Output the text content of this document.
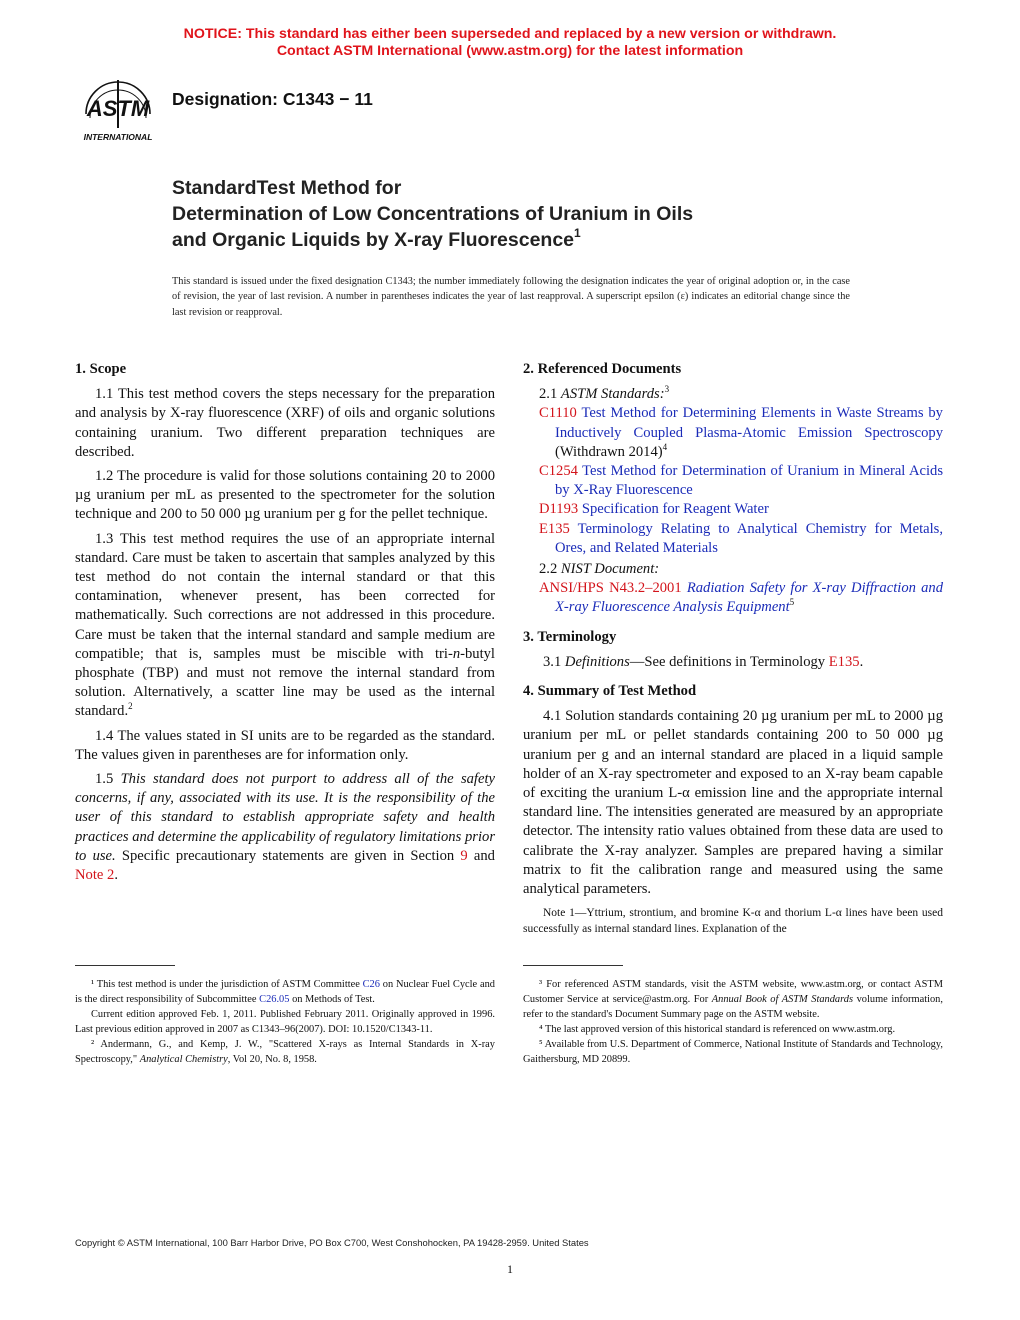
NOTICE: This standard has either been superseded and replaced by a new version or withdrawn.
Contact ASTM International (www.astm.org) for the latest information
ASTM
INTERNATIONAL
Designation: C1343 − 11
StandardTest Method for
Determination of Low Concentrations of Uranium in Oils
and Organic Liquids by X-ray Fluorescence$^1$
This standard is issued under the fixed designation C1343; the number immediately following the designation indicates the year of original adoption or, in the case of revision, the year of last revision. A number in parentheses indicates the year of last reapproval. A superscript epsilon (ε) indicates an editorial change since the last revision or reapproval.
1. Scope

1.1 This test method covers the steps necessary for the preparation and analysis by X-ray fluorescence (XRF) of oils and organic solutions containing uranium. Two different preparation techniques are described.

1.2 The procedure is valid for those solutions containing 20 to 2000 µg uranium per mL as presented to the spectrometer for the solution technique and 200 to 50 000 µg uranium per g for the pellet technique.

1.3 This test method requires the use of an appropriate internal standard. Care must be taken to ascertain that samples analyzed by this test method do not contain the internal standard or that this contamination, whenever present, has been corrected for mathematically. Such corrections are not addressed in this procedure. Care must be taken that the internal standard and sample medium are compatible; that is, samples must be miscible with tri-n-butyl phosphate (TBP) and must not remove the internal standard from solution. Alternatively, a scatter line may be used as the internal standard.$^2$

1.4 The values stated in SI units are to be regarded as the standard. The values given in parentheses are for information only.

1.5 This standard does not purport to address all of the safety concerns, if any, associated with its use. It is the responsibility of the user of this standard to establish appropriate safety and health practices and determine the applicability of regulatory limitations prior to use. Specific precautionary statements are given in Section 9 and Note 2.

2. Referenced Documents

2.1 ASTM Standards:$^3$

C1110 Test Method for Determining Elements in Waste Streams by Inductively Coupled Plasma-Atomic Emission Spectroscopy (Withdrawn 2014)$^4$

C1254 Test Method for Determination of Uranium in Mineral Acids by X-Ray Fluorescence

D1193 Specification for Reagent Water

E135 Terminology Relating to Analytical Chemistry for Metals, Ores, and Related Materials

2.2 NIST Document:

ANSI/HPS N43.2–2001 Radiation Safety for X-ray Diffraction and X-ray Fluorescence Analysis Equipment$^5$

3. Terminology

3.1 Definitions—See definitions in Terminology E135.

4. Summary of Test Method

4.1 Solution standards containing 20 µg uranium per mL to 2000 µg uranium per mL or pellet standards containing 200 to 50 000 µg uranium per g and an internal standard are placed in a liquid sample holder of an X-ray spectrometer and exposed to an X-ray beam capable of exciting the uranium L-α emission line and the appropriate internal standard line. The intensities generated are measured by an appropriate detector. The intensity ratio values obtained from these data are used to calibrate the X-ray analyzer. Samples are prepared having a similar matrix to fit the calibration range and measured using the same analytical parameters.

Note 1—Yttrium, strontium, and bromine K-α and thorium L-α lines have been used successfully as internal standard lines. Explanation of the

¹ This test method is under the jurisdiction of ASTM Committee C26 on Nuclear Fuel Cycle and is the direct responsibility of Subcommittee C26.05 on Methods of Test.

Current edition approved Feb. 1, 2011. Published February 2011. Originally approved in 1996. Last previous edition approved in 2007 as C1343–96(2007). DOI: 10.1520/C1343-11.

² Andermann, G., and Kemp, J. W., "Scattered X-rays as Internal Standards in X-ray Spectroscopy," Analytical Chemistry, Vol 20, No. 8, 1958.

³ For referenced ASTM standards, visit the ASTM website, www.astm.org, or contact ASTM Customer Service at service@astm.org. For Annual Book of ASTM Standards volume information, refer to the standard's Document Summary page on the ASTM website.

⁴ The last approved version of this historical standard is referenced on www.astm.org.

⁵ Available from U.S. Department of Commerce, National Institute of Standards and Technology, Gaithersburg, MD 20899.

Copyright © ASTM International, 100 Barr Harbor Drive, PO Box C700, West Conshohocken, PA 19428-2959. United States
1
